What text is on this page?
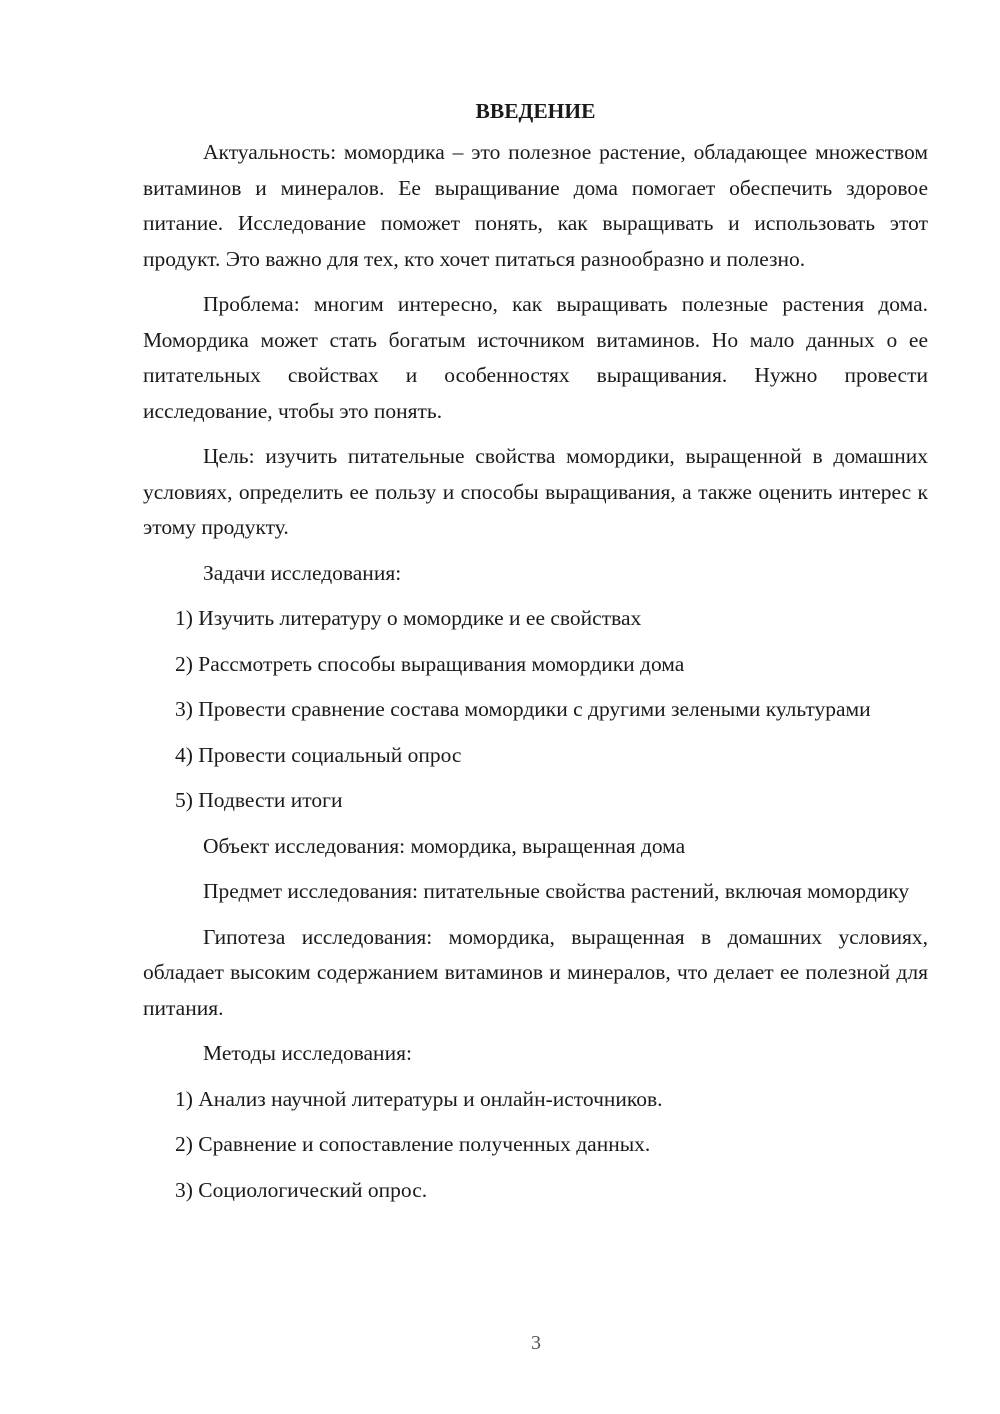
ВВЕДЕНИЕ

Актуальность: момордика – это полезное растение, обладающее множеством витаминов и минералов. Ее выращивание дома помогает обеспечить здоровое питание. Исследование поможет понять, как выращивать и использовать этот продукт. Это важно для тех, кто хочет питаться разнообразно и полезно.

Проблема: многим интересно, как выращивать полезные растения дома. Момордика может стать богатым источником витаминов. Но мало данных о ее питательных свойствах и особенностях выращивания. Нужно провести исследование, чтобы это понять.

Цель: изучить питательные свойства момордики, выращенной в домашних условиях, определить ее пользу и способы выращивания, а также оценить интерес к этому продукту.

Задачи исследования:

1) Изучить литературу о момордике и ее свойствах

2) Рассмотреть способы выращивания момордики дома

3) Провести сравнение состава момордики с другими зелеными культурами

4) Провести социальный опрос

5) Подвести итоги

Объект исследования: момордика, выращенная дома

Предмет исследования: питательные свойства растений, включая момордику

Гипотеза исследования: момордика, выращенная в домашних условиях, обладает высоким содержанием витаминов и минералов, что делает ее полезной для питания.

Методы исследования:

1) Анализ научной литературы и онлайн-источников.

2) Сравнение и сопоставление полученных данных.

3) Социологический опрос.

3
